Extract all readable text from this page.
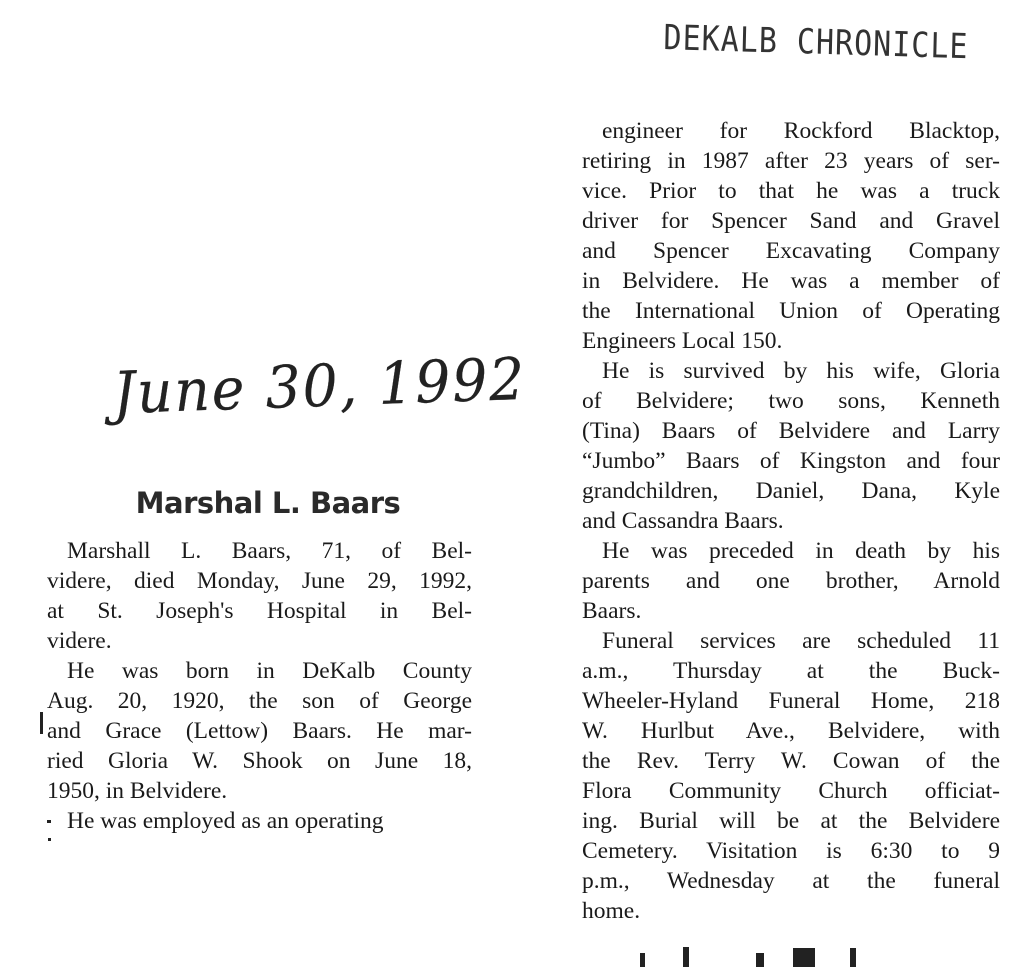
DEKALB CHRONICLE
June 30, 1992
Marshal L. Baars
Marshall L. Baars, 71, of Bel-
videre, died Monday, June 29, 1992,
at St. Joseph's Hospital in Bel-
videre.
He was born in DeKalb County
Aug. 20, 1920, the son of George
and Grace (Lettow) Baars. He mar-
ried Gloria W. Shook on June 18,
1950, in Belvidere.
He was employed as an operating
engineer for Rockford Blacktop,
retiring in 1987 after 23 years of ser-
vice. Prior to that he was a truck
driver for Spencer Sand and Gravel
and Spencer Excavating Company
in Belvidere. He was a member of
the International Union of Operating
Engineers Local 150.
He is survived by his wife, Gloria
of Belvidere; two sons, Kenneth
(Tina) Baars of Belvidere and Larry
“Jumbo” Baars of Kingston and four
grandchildren, Daniel, Dana, Kyle
and Cassandra Baars.
He was preceded in death by his
parents and one brother, Arnold
Baars.
Funeral services are scheduled 11
a.m., Thursday at the Buck-
Wheeler-Hyland Funeral Home, 218
W. Hurlbut Ave., Belvidere, with
the Rev. Terry W. Cowan of the
Flora Community Church officiat-
ing. Burial will be at the Belvidere
Cemetery. Visitation is 6:30 to 9
p.m., Wednesday at the funeral
home.
